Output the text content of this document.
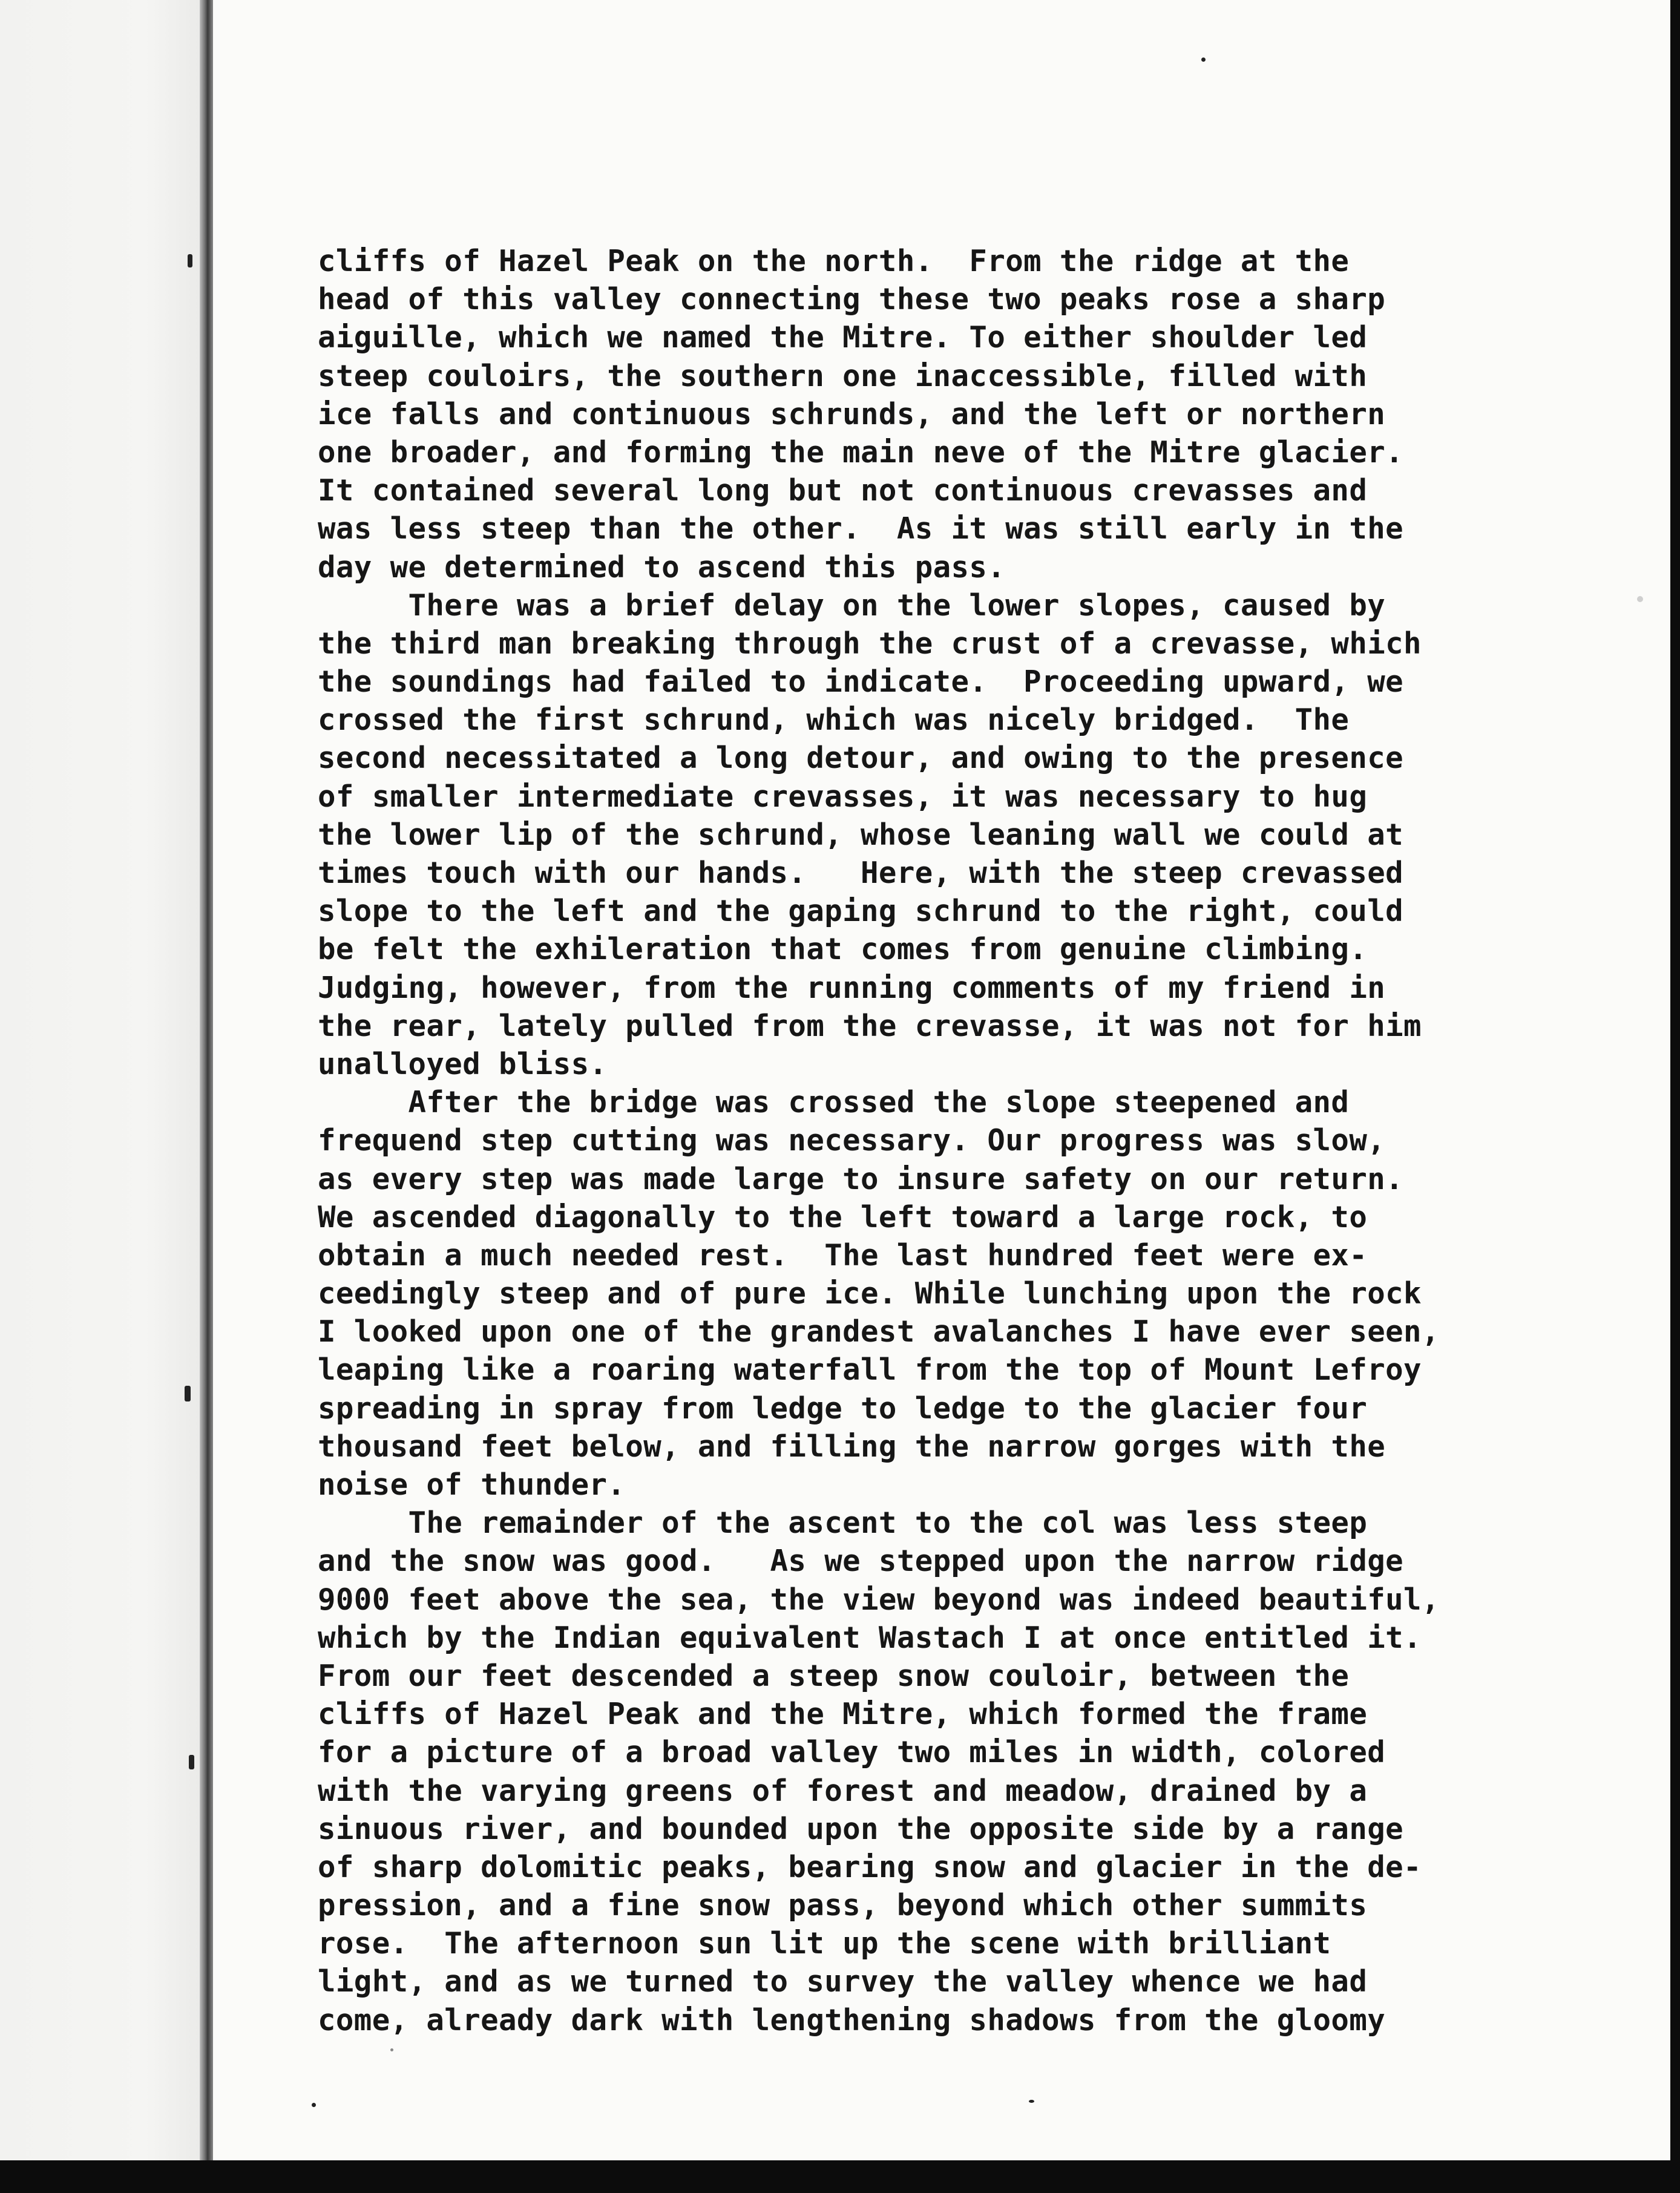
cliffs of Hazel Peak on the north.  From the ridge at the
head of this valley connecting these two peaks rose a sharp
aiguille, which we named the Mitre. To either shoulder led
steep couloirs, the southern one inaccessible, filled with
ice falls and continuous schrunds, and the left or northern
one broader, and forming the main neve of the Mitre glacier.
It contained several long but not continuous crevasses and
was less steep than the other.  As it was still early in the
day we determined to ascend this pass.
There was a brief delay on the lower slopes, caused by
the third man breaking through the crust of a crevasse, which
the soundings had failed to indicate.  Proceeding upward, we
crossed the first schrund, which was nicely bridged.  The
second necessitated a long detour, and owing to the presence
of smaller intermediate crevasses, it was necessary to hug
the lower lip of the schrund, whose leaning wall we could at
times touch with our hands.   Here, with the steep crevassed
slope to the left and the gaping schrund to the right, could
be felt the exhileration that comes from genuine climbing.
Judging, however, from the running comments of my friend in
the rear, lately pulled from the crevasse, it was not for him
unalloyed bliss.
After the bridge was crossed the slope steepened and
frequend step cutting was necessary. Our progress was slow,
as every step was made large to insure safety on our return.
We ascended diagonally to the left toward a large rock, to
obtain a much needed rest.  The last hundred feet were ex-
ceedingly steep and of pure ice. While lunching upon the rock
I looked upon one of the grandest avalanches I have ever seen,
leaping like a roaring waterfall from the top of Mount Lefroy
spreading in spray from ledge to ledge to the glacier four
thousand feet below, and filling the narrow gorges with the
noise of thunder.
The remainder of the ascent to the col was less steep
and the snow was good.   As we stepped upon the narrow ridge
9000 feet above the sea, the view beyond was indeed beautiful,
which by the Indian equivalent Wastach I at once entitled it.
From our feet descended a steep snow couloir, between the
cliffs of Hazel Peak and the Mitre, which formed the frame
for a picture of a broad valley two miles in width, colored
with the varying greens of forest and meadow, drained by a
sinuous river, and bounded upon the opposite side by a range
of sharp dolomitic peaks, bearing snow and glacier in the de-
pression, and a fine snow pass, beyond which other summits
rose.  The afternoon sun lit up the scene with brilliant
light, and as we turned to survey the valley whence we had
come, already dark with lengthening shadows from the gloomy
